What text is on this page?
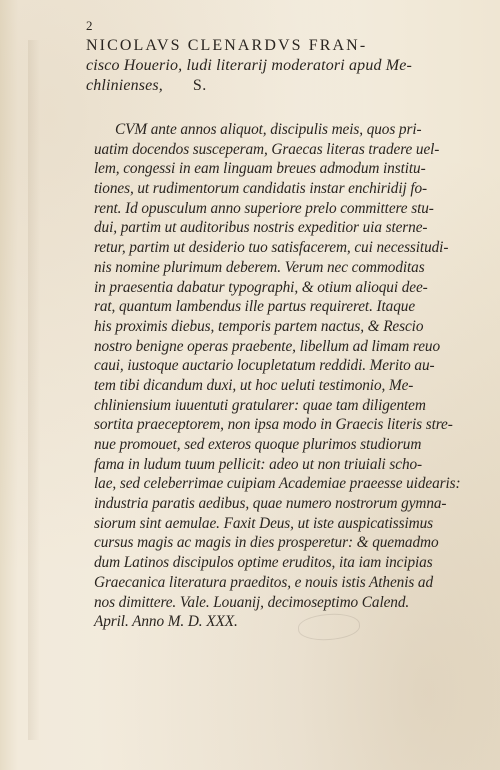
2
NICOLAVS CLENARDVS FRAN-
cisco Houerio, ludi literarij moderatori apud Me-
chlinienses, S.
CVM ante annos aliquot, discipulis meis, quos pri-
uatim docendos susceperam, Graecas literas tradere uel-
lem, congessi in eam linguam breues admodum institu-
tiones, ut rudimentorum candidatis instar enchiridij fo-
rent. Id opusculum anno superiore prelo committere stu-
dui, partim ut auditoribus nostris expeditior uia sterne-
retur, partim ut desiderio tuo satisfacerem, cui necessitudi-
nis nomine plurimum deberem. Verum nec commoditas
in praesentia dabatur typographi, & otium alioqui dee-
rat, quantum lambendus ille partus requireret. Itaque
his proximis diebus, temporis partem nactus, & Rescio
nostro benigne operas praebente, libellum ad limam reuo
caui, iustoque auctario locupletatum reddidi. Merito au-
tem tibi dicandum duxi, ut hoc ueluti testimonio, Me-
chliniensium iuuentuti gratularer: quae tam diligentem
sortita praeceptorem, non ipsa modo in Graecis literis stre-
nue promouet, sed exteros quoque plurimos studiorum
fama in ludum tuum pellicit: adeo ut non triuiali scho-
lae, sed celeberrimae cuipiam Academiae praeesse uidearis:
industria paratis aedibus, quae numero nostrorum gymna-
siorum sint aemulae. Faxit Deus, ut iste auspicatissimus
cursus magis ac magis in dies prosperetur: & quemadmo
dum Latinos discipulos optime eruditos, ita iam incipias
Graecanica literatura praeditos, e nouis istis Athenis ad
nos dimittere. Vale. Louanij, decimoseptimo Calend.
April. Anno M. D. XXX.
